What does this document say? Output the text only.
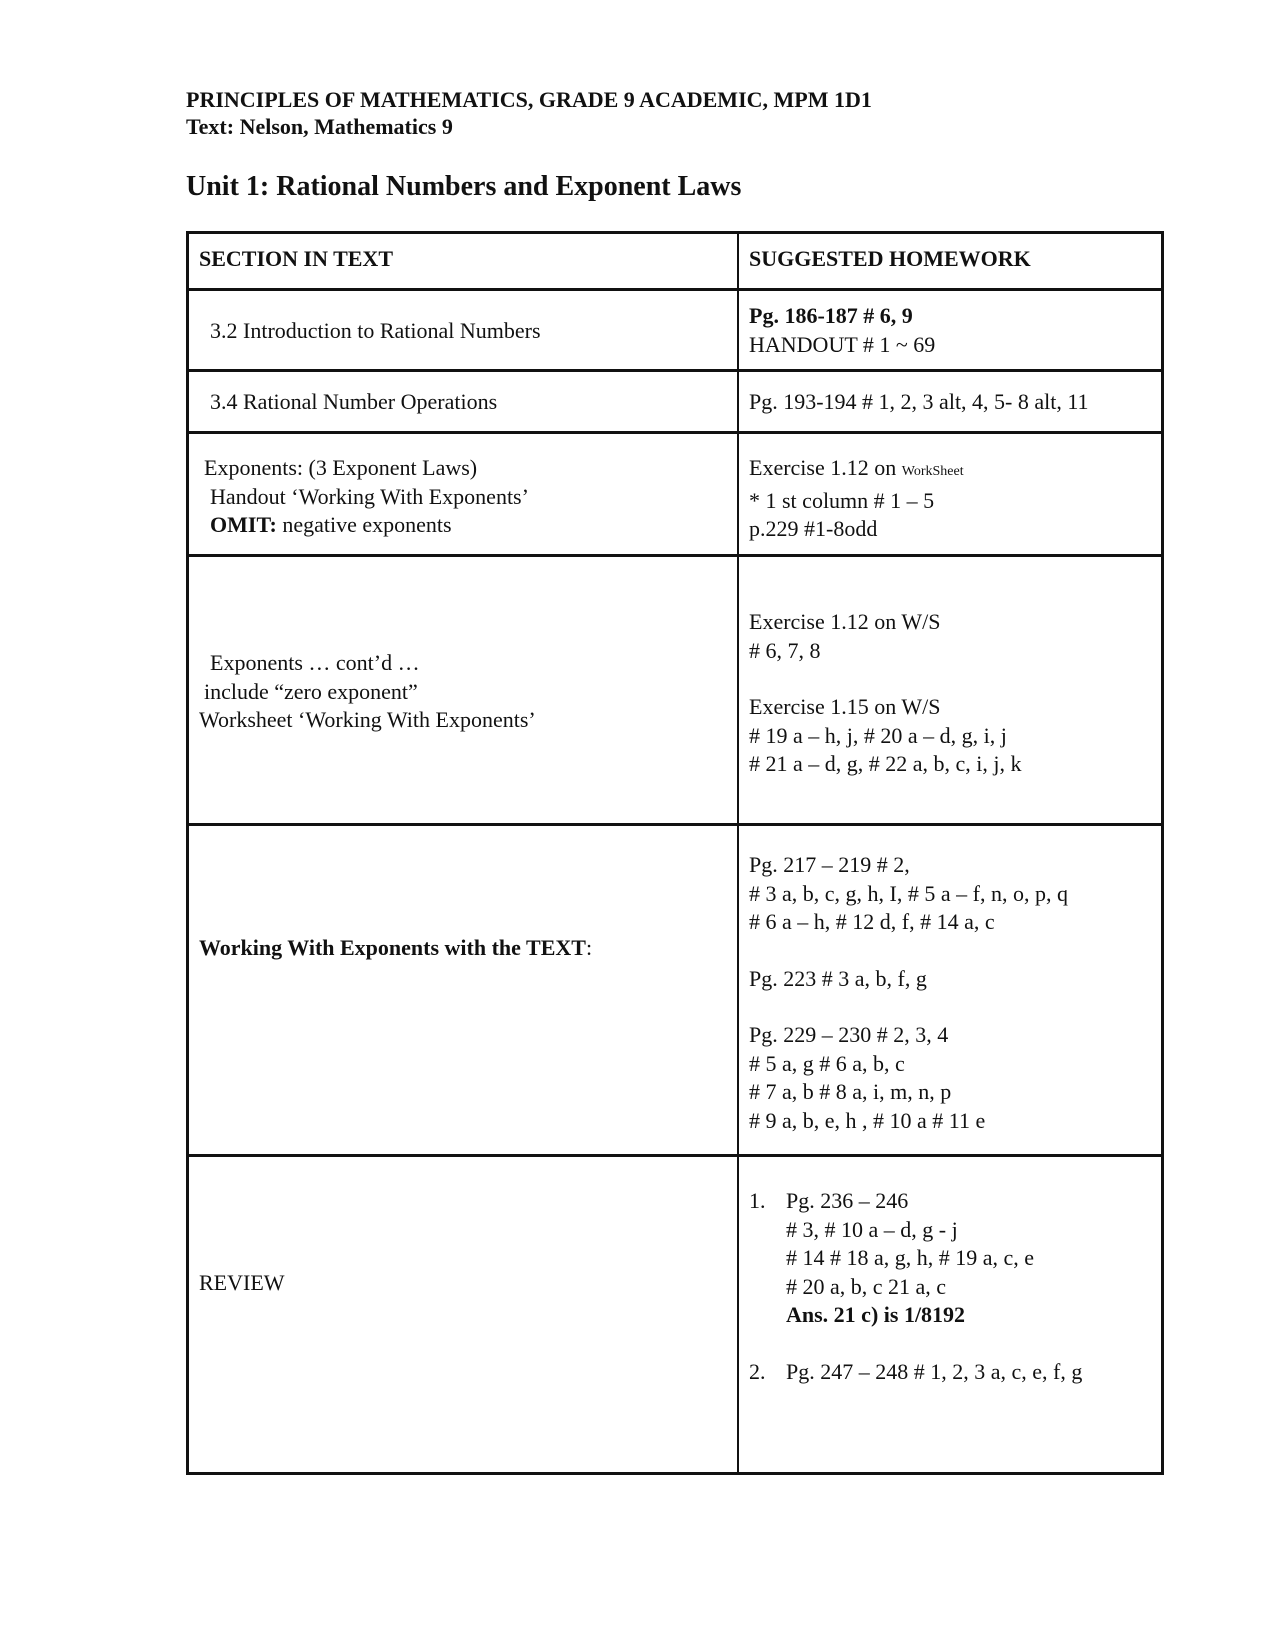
PRINCIPLES OF MATHEMATICS, GRADE 9 ACADEMIC, MPM 1D1
Text: Nelson, Mathematics 9
Unit 1: Rational Numbers and Exponent Laws
SECTION IN TEXT	SUGGESTED HOMEWORK
3.2 Introduction to Rational Numbers
Pg. 186-187 # 6, 9
HANDOUT # 1 ~ 69
3.4 Rational Number Operations	Pg. 193-194 # 1, 2, 3 alt, 4, 5- 8 alt, 11
Exponents: (3 Exponent Laws)
Handout ‘Working With Exponents’
OMIT: negative exponents
Exercise 1.12 on WorkSheet
* 1 st column # 1 – 5
p.229 #1-8odd
Exponents … cont’d …
include “zero exponent”
Worksheet ‘Working With Exponents’
Exercise 1.12 on W/S
# 6, 7, 8
Exercise 1.15 on W/S
# 19 a – h, j, # 20 a – d, g, i, j
# 21 a – d, g, # 22 a, b, c, i, j, k
Working With Exponents with the TEXT:
Pg. 217 – 219 # 2,
# 3 a, b, c, g, h, I, # 5 a – f, n, o, p, q
# 6 a – h, # 12 d, f, # 14 a, c
Pg. 223 # 3 a, b, f, g
Pg. 229 – 230 # 2, 3, 4
# 5 a, g # 6 a, b, c
# 7 a, b # 8 a, i, m, n, p
# 9 a, b, e, h , # 10 a # 11 e
REVIEW
1. Pg. 236 – 246
# 3, # 10 a – d, g - j
# 14 # 18 a, g, h, # 19 a, c, e
# 20 a, b, c 21 a, c
Ans. 21 c) is 1/8192
2. Pg. 247 – 248 # 1, 2, 3 a, c, e, f, g
